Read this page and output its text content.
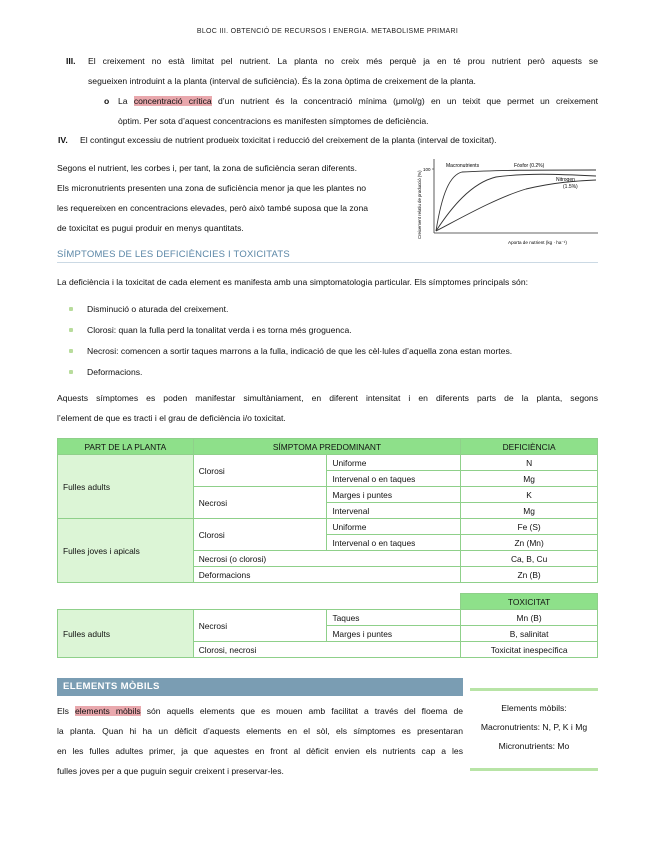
BLOC III. OBTENCIÓ DE RECURSOS I ENERGIA. METABOLISME PRIMARI
III. El creixement no està limitat pel nutrient. La planta no creix més perquè ja en té prou nutrient però aquests se
segueixen introduint a la planta (interval de suficiència). És la zona òptima de creixement de la planta.
o La concentració crítica d’un nutrient és la concentració mínima (μmol/g) en un teixit que permet un creixement
òptim. Per sota d’aquest concentracions es manifesten símptomes de deficiència.
IV. El contingut excessiu de nutrient produeix toxicitat i reducció del creixement de la planta (interval de toxicitat).
Segons el nutrient, les corbes i, per tant, la zona de suficiència seran diferents.
Els micronutrients presenten una zona de suficiència menor ja que les plantes no
les requereixen en concentracions elevades, però això també suposa que la zona
de toxicitat es pugui produir en menys quantitats.
100
Creixement relatiu de producció (%)
Aporta de nutrient (kg · ha⁻¹)
Macronutrients	Fòsfor (0.2%)
Nitrogen
(1.5%)
SÍMPTOMES DE LES DEFICIÈNCIES I TOXICITATS
La deficiència i la toxicitat de cada element es manifesta amb una simptomatologia particular. Els símptomes principals són:
Disminució o aturada del creixement.
Clorosi: quan la fulla perd la tonalitat verda i es torna més groguenca.
Necrosi: comencen a sortir taques marrons a la fulla, indicació de que les cèl·lules d’aquella zona estan mortes.
Deformacions.
Aquests símptomes es poden manifestar simultàniament, en diferent intensitat i en diferents parts de la planta, segons
l’element de que es tracti i el grau de deficiència i/o toxicitat.
PART DE LA PLANTA	SÍMPTOMA PREDOMINANT		DEFICIÈNCIA
Fulles adults	Clorosi	Uniforme	N
		Intervenal o en taques	Mg
	Necrosi	Marges i puntes	K
		Intervenal	Mg
Fulles joves i apicals	Clorosi	Uniforme	Fe (S)
		Intervenal o en taques	Zn (Mn)
	Necrosi (o clorosi)		Ca, B, Cu
	Deformacions		Zn (B)
			TOXICITAT
Fulles adults	Necrosi	Taques	Mn (B)
		Marges i puntes	B, salinitat
	Clorosi, necrosi		Toxicitat inespecífica
ELEMENTS MÒBILS
Els elements mòbils són aquells elements que es mouen amb facilitat a través del floema de
la planta. Quan hi ha un dèficit d’aquests elements en el sòl, els símptomes es presentaran
en les fulles adultes primer, ja que aquestes en front al dèficit envien els nutrients cap a les
fulles joves per a que puguin seguir creixent i preservar-les.
Elements mòbils:
Macronutrients: N, P, K i Mg
Micronutrients: Mo
